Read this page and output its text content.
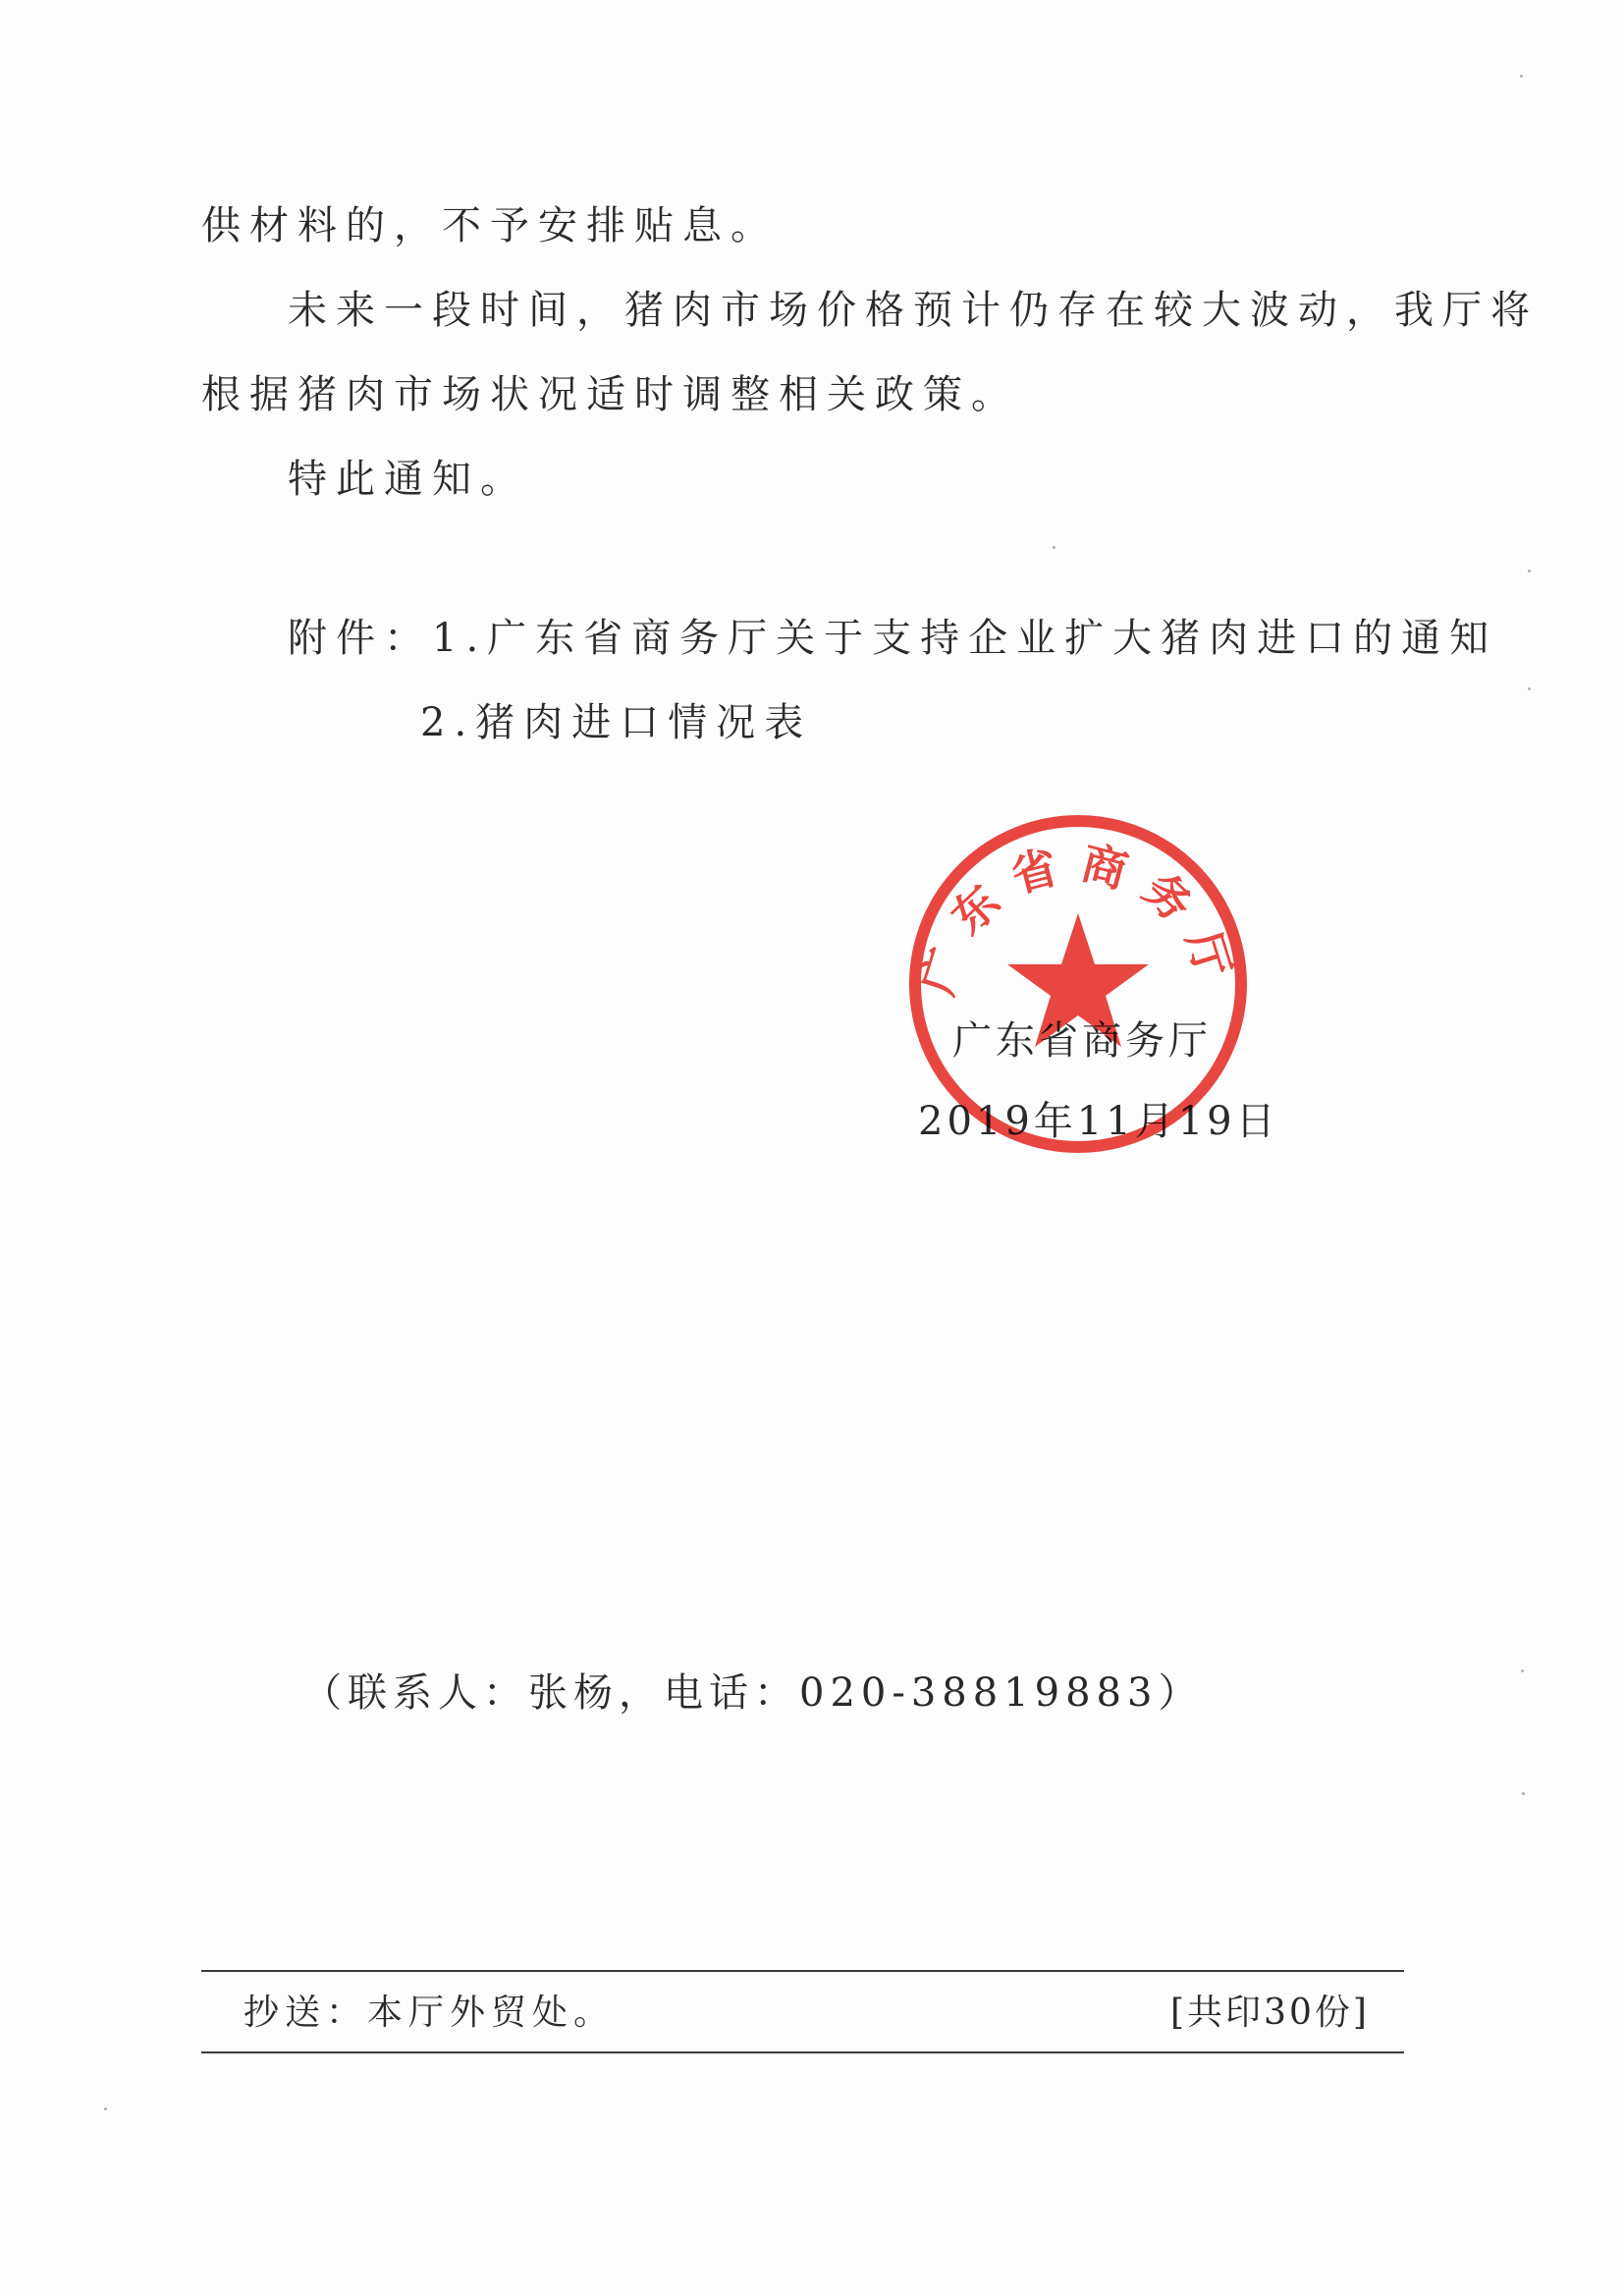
供材料的，不予安排贴息。
未来一段时间，猪肉市场价格预计仍存在较大波动，我厅将
根据猪肉市场状况适时调整相关政策。
特此通知。
附件：1.广东省商务厅关于支持企业扩大猪肉进口的通知
2.猪肉进口情况表
广东省商务厅
2019年11月19日
广东省商务厅
（联系人：张杨，电话：020-38819883）
抄送：本厅外贸处。	[共印30份]
